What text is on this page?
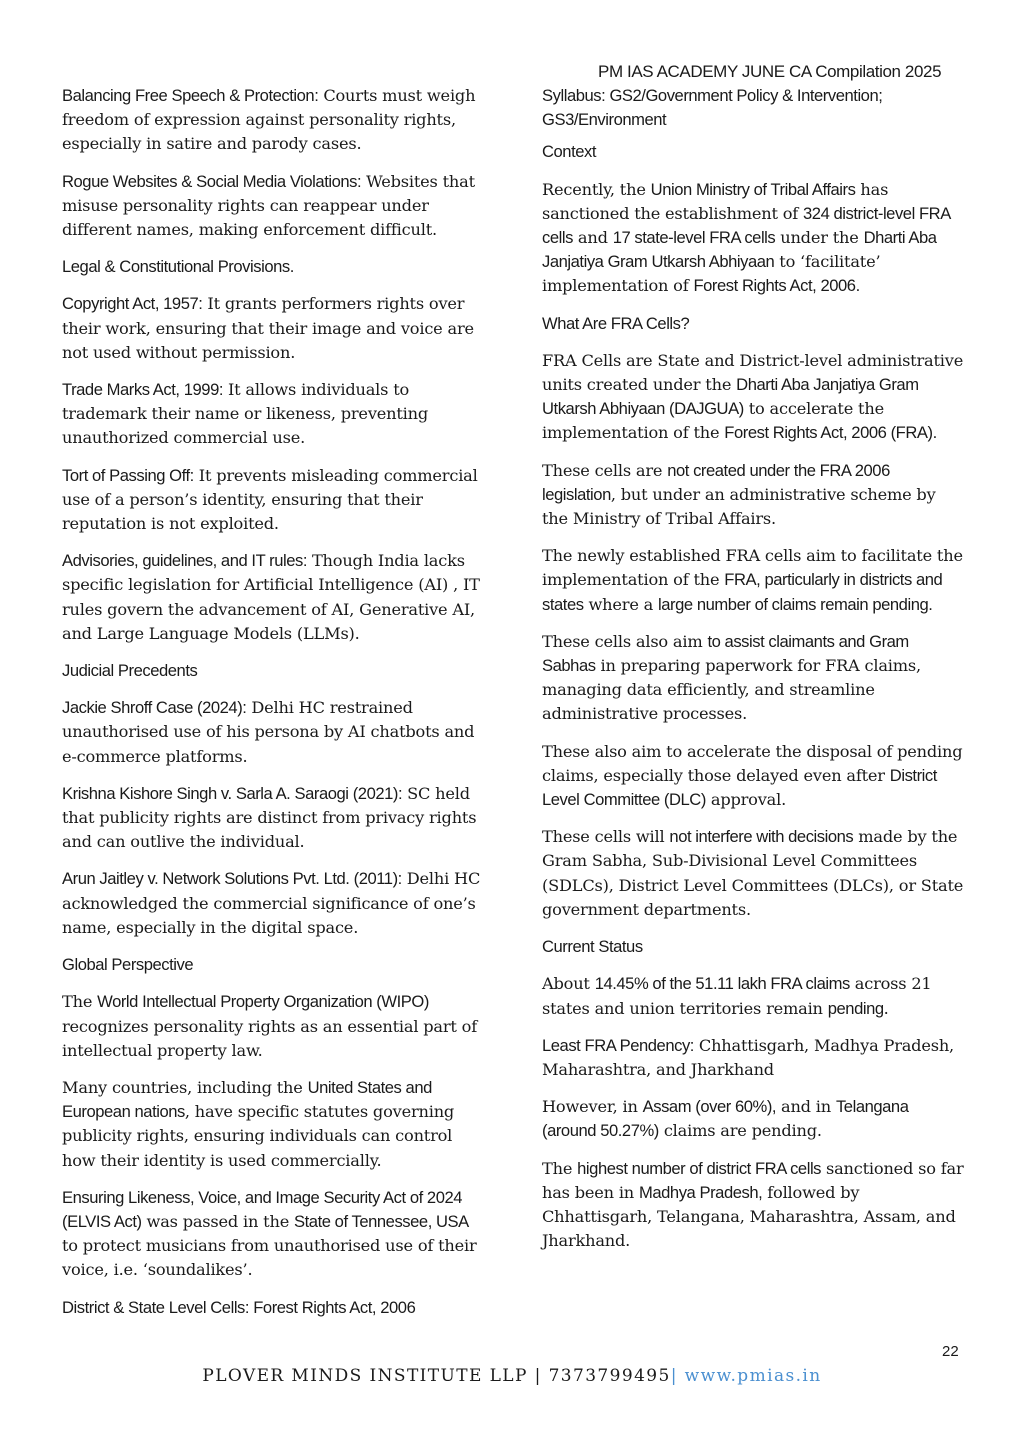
PM IAS ACADEMY JUNE CA Compilation 2025

Balancing Free Speech & Protection: Courts must weigh freedom of expression against personality rights, especially in satire and parody cases.

Rogue Websites & Social Media Violations: Websites that misuse personality rights can reappear under different names, making enforcement difficult.

Legal & Constitutional Provisions.

Copyright Act, 1957: It grants performers rights over their work, ensuring that their image and voice are not used without permission.

Trade Marks Act, 1999: It allows individuals to trademark their name or likeness, preventing unauthorized commercial use.

Tort of Passing Off: It prevents misleading commercial use of a person’s identity, ensuring that their reputation is not exploited.

Advisories, guidelines, and IT rules: Though India lacks specific legislation for Artificial Intelligence (AI) , IT rules govern the advancement of AI, Generative AI, and Large Language Models (LLMs).

Judicial Precedents

Jackie Shroff Case (2024): Delhi HC restrained unauthorised use of his persona by AI chatbots and e-commerce platforms.

Krishna Kishore Singh v. Sarla A. Saraogi (2021): SC held that publicity rights are distinct from privacy rights and can outlive the individual.

Arun Jaitley v. Network Solutions Pvt. Ltd. (2011): Delhi HC acknowledged the commercial significance of one’s name, especially in the digital space.

Global Perspective

The World Intellectual Property Organization (WIPO) recognizes personality rights as an essential part of intellectual property law.

Many countries, including the United States and European nations, have specific statutes governing publicity rights, ensuring individuals can control how their identity is used commercially.

Ensuring Likeness, Voice, and Image Security Act of 2024 (ELVIS Act) was passed in the State of Tennessee, USA to protect musicians from unauthorised use of their voice, i.e. ‘soundalikes’.

District & State Level Cells: Forest Rights Act, 2006

Syllabus: GS2/Government Policy & Intervention; GS3/Environment

Context

Recently, the Union Ministry of Tribal Affairs has sanctioned the establishment of 324 district-level FRA cells and 17 state-level FRA cells under the Dharti Aba Janjatiya Gram Utkarsh Abhiyaan to ‘facilitate’ implementation of Forest Rights Act, 2006.

What Are FRA Cells?

FRA Cells are State and District-level administrative units created under the Dharti Aba Janjatiya Gram Utkarsh Abhiyaan (DAJGUA) to accelerate the implementation of the Forest Rights Act, 2006 (FRA).

These cells are not created under the FRA 2006 legislation, but under an administrative scheme by the Ministry of Tribal Affairs.

The newly established FRA cells aim to facilitate the implementation of the FRA, particularly in districts and states where a large number of claims remain pending.

These cells also aim to assist claimants and Gram Sabhas in preparing paperwork for FRA claims, managing data efficiently, and streamline administrative processes.

These also aim to accelerate the disposal of pending claims, especially those delayed even after District Level Committee (DLC) approval.

These cells will not interfere with decisions made by the Gram Sabha, Sub-Divisional Level Committees (SDLCs), District Level Committees (DLCs), or State government departments.

Current Status

About 14.45% of the 51.11 lakh FRA claims across 21 states and union territories remain pending.

Least FRA Pendency: Chhattisgarh, Madhya Pradesh, Maharashtra, and Jharkhand

However, in Assam (over 60%), and in Telangana (around 50.27%) claims are pending.

The highest number of district FRA cells sanctioned so far has been in Madhya Pradesh, followed by Chhattisgarh, Telangana, Maharashtra, Assam, and Jharkhand.

22
PLOVER MINDS INSTITUTE LLP | 7373799495| www.pmias.in
